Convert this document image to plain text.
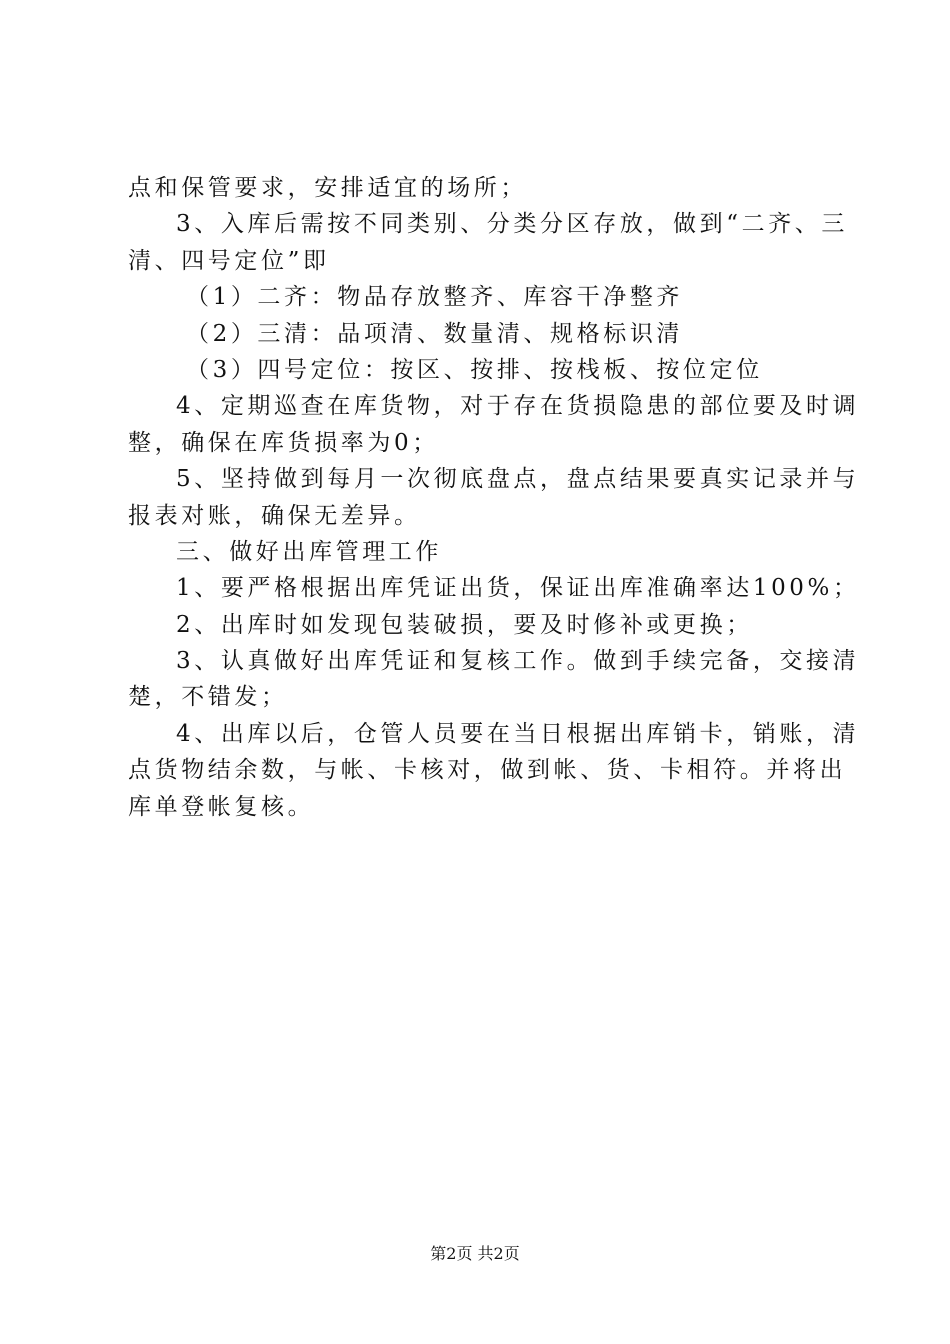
点和保管要求，安排适宜的场所；
3、入库后需按不同类别、分类分区存放，做到“二齐、三
清、四号定位”即
（1）二齐：物品存放整齐、库容干净整齐
（2）三清：品项清、数量清、规格标识清
（3）四号定位：按区、按排、按栈板、按位定位
4、定期巡查在库货物，对于存在货损隐患的部位要及时调
整，确保在库货损率为0；
5、坚持做到每月一次彻底盘点，盘点结果要真实记录并与
报表对账，确保无差异。
三、做好出库管理工作
1、要严格根据出库凭证出货，保证出库准确率达100%；
2、出库时如发现包装破损，要及时修补或更换；
3、认真做好出库凭证和复核工作。做到手续完备，交接清
楚，不错发；
4、出库以后，仓管人员要在当日根据出库销卡，销账，清
点货物结余数，与帐、卡核对，做到帐、货、卡相符。并将出
库单登帐复核。
第2页 共2页
